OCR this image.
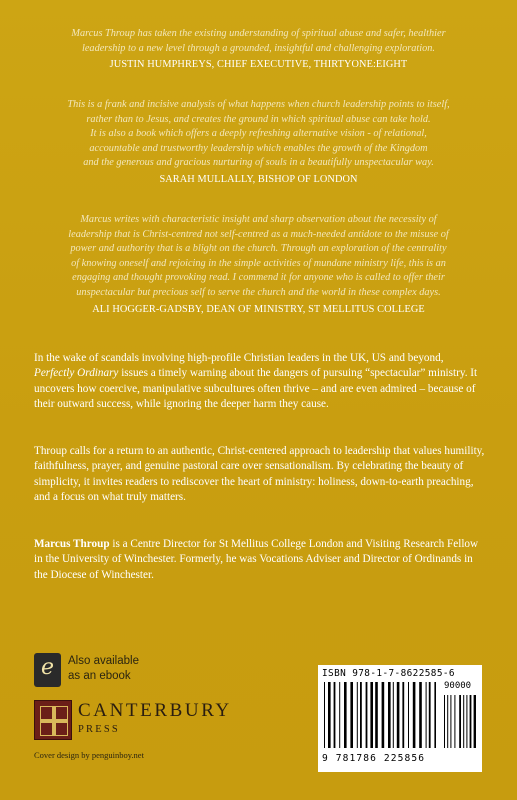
Marcus Throup has taken the existing understanding of spiritual abuse and safer, healthier
leadership to a new level through a grounded, insightful and challenging exploration.

JUSTIN HUMPHREYS, CHIEF EXECUTIVE, THIRTYONE:EIGHT

This is a frank and incisive analysis of what happens when church leadership points to itself,
rather than to Jesus, and creates the ground in which spiritual abuse can take hold.
It is also a book which offers a deeply refreshing alternative vision - of relational,
accountable and trustworthy leadership which enables the growth of the Kingdom
and the generous and gracious nurturing of souls in a beautifully unspectacular way.

SARAH MULLALLY, BISHOP OF LONDON

Marcus writes with characteristic insight and sharp observation about the necessity of
leadership that is Christ-centred not self-centred as a much-needed antidote to the misuse of
power and authority that is a blight on the church. Through an exploration of the centrality
of knowing oneself and rejoicing in the simple activities of mundane ministry life, this is an
engaging and thought provoking read. I commend it for anyone who is called to offer their
unspectacular but precious self to serve the church and the world in these complex days.

ALI HOGGER-GADSBY, DEAN OF MINISTRY, ST MELLITUS COLLEGE

In the wake of scandals involving high-profile Christian leaders in the UK, US and beyond, Perfectly Ordinary issues a timely warning about the dangers of pursuing “spectacular” ministry. It uncovers how coercive, manipulative subcultures often thrive – and are even admired – because of their outward success, while ignoring the deeper harm they cause.

Throup calls for a return to an authentic, Christ-centered approach to leadership that values humility, faithfulness, prayer, and genuine pastoral care over sensationalism. By celebrating the beauty of simplicity, it invites readers to rediscover the heart of ministry: holiness, down-to-earth preaching, and a focus on what truly matters.

Marcus Throup is a Centre Director for St Mellitus College London and Visiting Research Fellow in the University of Winchester. Formerly, he was Vocations Adviser and Director of Ordinands in the Diocese of Winchester.

e	Also available
as an ebook
CANTERBURY
PRESS
Cover design by penguinboy.net
ISBN 978-1-7-8622585-6
90000
9 781786 225856
